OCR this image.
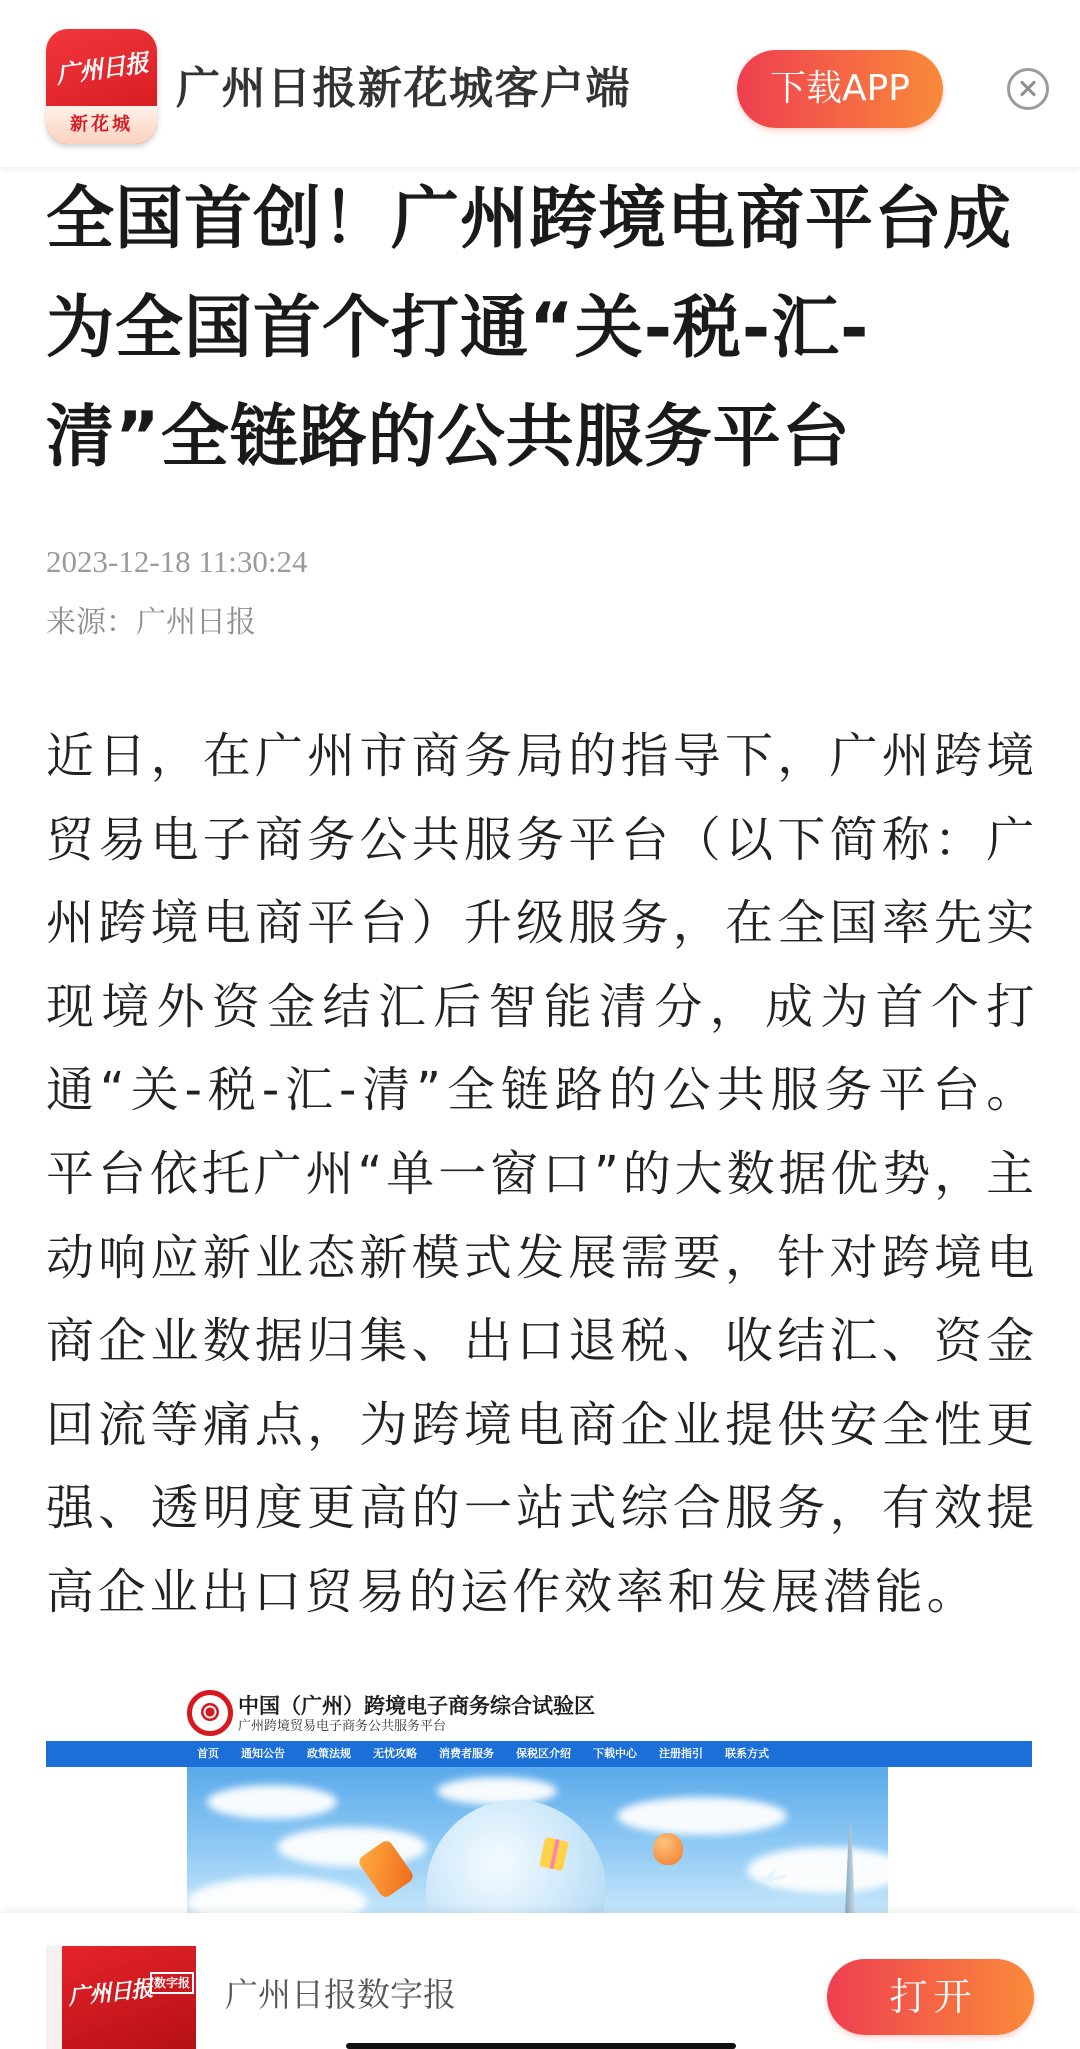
广州日报
新花城
广州日报新花城客户端	下载APP
全国首创！广州跨境电商平台成为全国首个打通“关-税-汇-清”全链路的公共服务平台
2023-12-18 11:30:24
来源：广州日报

近日，在广州市商务局的指导下，广州跨境贸易电子商务公共服务平台（以下简称：广州跨境电商平台）升级服务，在全国率先实现境外资金结汇后智能清分，成为首个打通“关-税-汇-清”全链路的公共服务平台。平台依托广州“单一窗口”的大数据优势，主动响应新业态新模式发展需要，针对跨境电商企业数据归集、出口退税、收结汇、资金回流等痛点，为跨境电商企业提供安全性更强、透明度更高的一站式综合服务，有效提高企业出口贸易的运作效率和发展潜能。

中国（广州）跨境电子商务综合试验区
广州跨境贸易电子商务公共服务平台
首页 通知公告 政策法规 无忧攻略 消费者服务 保税区介绍 下载中心 注册指引 联系方式
广州日报 数字报 广州日报数字报	打开
